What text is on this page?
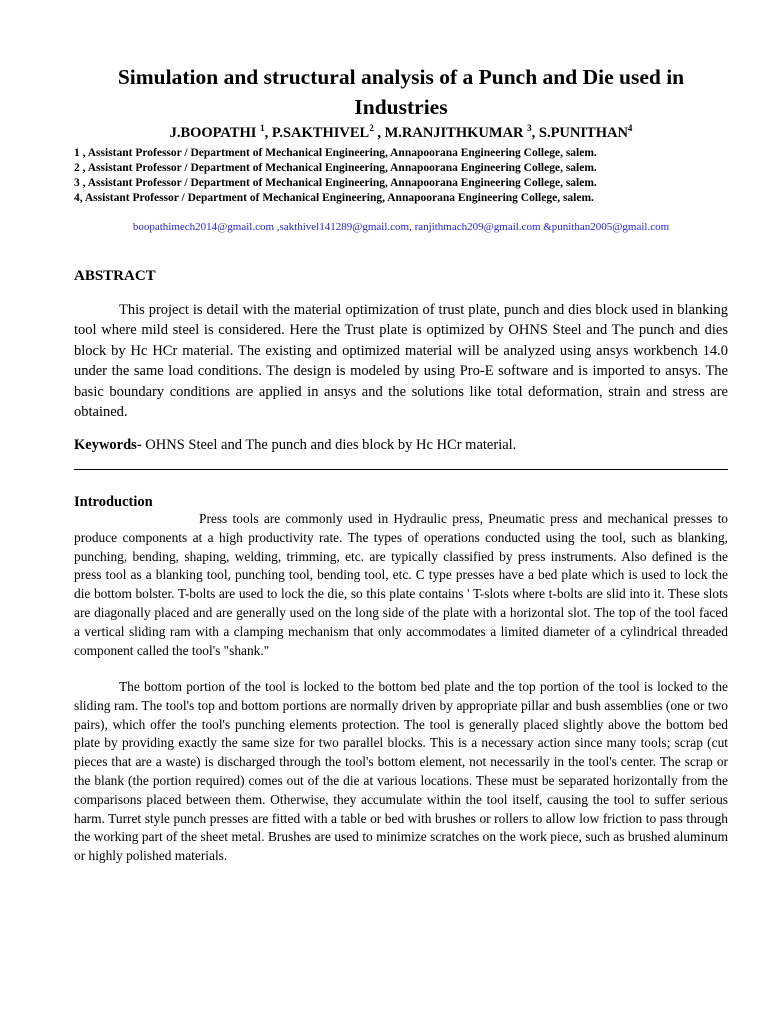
Simulation and structural analysis of a Punch and Die used in Industries
J.BOOPATHI $^1$, P.SAKTHIVEL$^2$ , M.RANJITHKUMAR $^3$, S.PUNITHAN$^4$
1 , Assistant Professor / Department of Mechanical Engineering, Annapoorana Engineering College, salem.
2 , Assistant Professor / Department of Mechanical Engineering, Annapoorana Engineering College, salem.
3 , Assistant Professor / Department of Mechanical Engineering, Annapoorana Engineering College, salem.
4, Assistant Professor / Department of Mechanical Engineering, Annapoorana Engineering College, salem.
boopathimech2014@gmail.com ,sakthivel141289@gmail.com, ranjithmach209@gmail.com &punithan2005@gmail.com
ABSTRACT
This project is detail with the material optimization of trust plate, punch and dies block used in blanking tool where mild steel is considered. Here the Trust plate is optimized by OHNS Steel and The punch and dies block by Hc HCr material. The existing and optimized material will be analyzed using ansys workbench 14.0 under the same load conditions. The design is modeled by using Pro-E software and is imported to ansys. The basic boundary conditions are applied in ansys and the solutions like total deformation, strain and stress are obtained.
Keywords- OHNS Steel and The punch and dies block by Hc HCr material.
Introduction
Press tools are commonly used in Hydraulic press, Pneumatic press and mechanical presses to produce components at a high productivity rate. The types of operations conducted using the tool, such as blanking, punching, bending, shaping, welding, trimming, etc. are typically classified by press instruments. Also defined is the press tool as a blanking tool, punching tool, bending tool, etc. C type presses have a bed plate which is used to lock the die bottom bolster. T-bolts are used to lock the die, so this plate contains ' T-slots where t-bolts are slid into it. These slots are diagonally placed and are generally used on the long side of the plate with a horizontal slot. The top of the tool faced a vertical sliding ram with a clamping mechanism that only accommodates a limited diameter of a cylindrical threaded component called the tool's "shank."
The bottom portion of the tool is locked to the bottom bed plate and the top portion of the tool is locked to the sliding ram. The tool's top and bottom portions are normally driven by appropriate pillar and bush assemblies (one or two pairs), which offer the tool's punching elements protection. The tool is generally placed slightly above the bottom bed plate by providing exactly the same size for two parallel blocks. This is a necessary action since many tools; scrap (cut pieces that are a waste) is discharged through the tool's bottom element, not necessarily in the tool's center. The scrap or the blank (the portion required) comes out of the die at various locations. These must be separated horizontally from the comparisons placed between them. Otherwise, they accumulate within the tool itself, causing the tool to suffer serious harm. Turret style punch presses are fitted with a table or bed with brushes or rollers to allow low friction to pass through the working part of the sheet metal. Brushes are used to minimize scratches on the work piece, such as brushed aluminum or highly polished materials.
